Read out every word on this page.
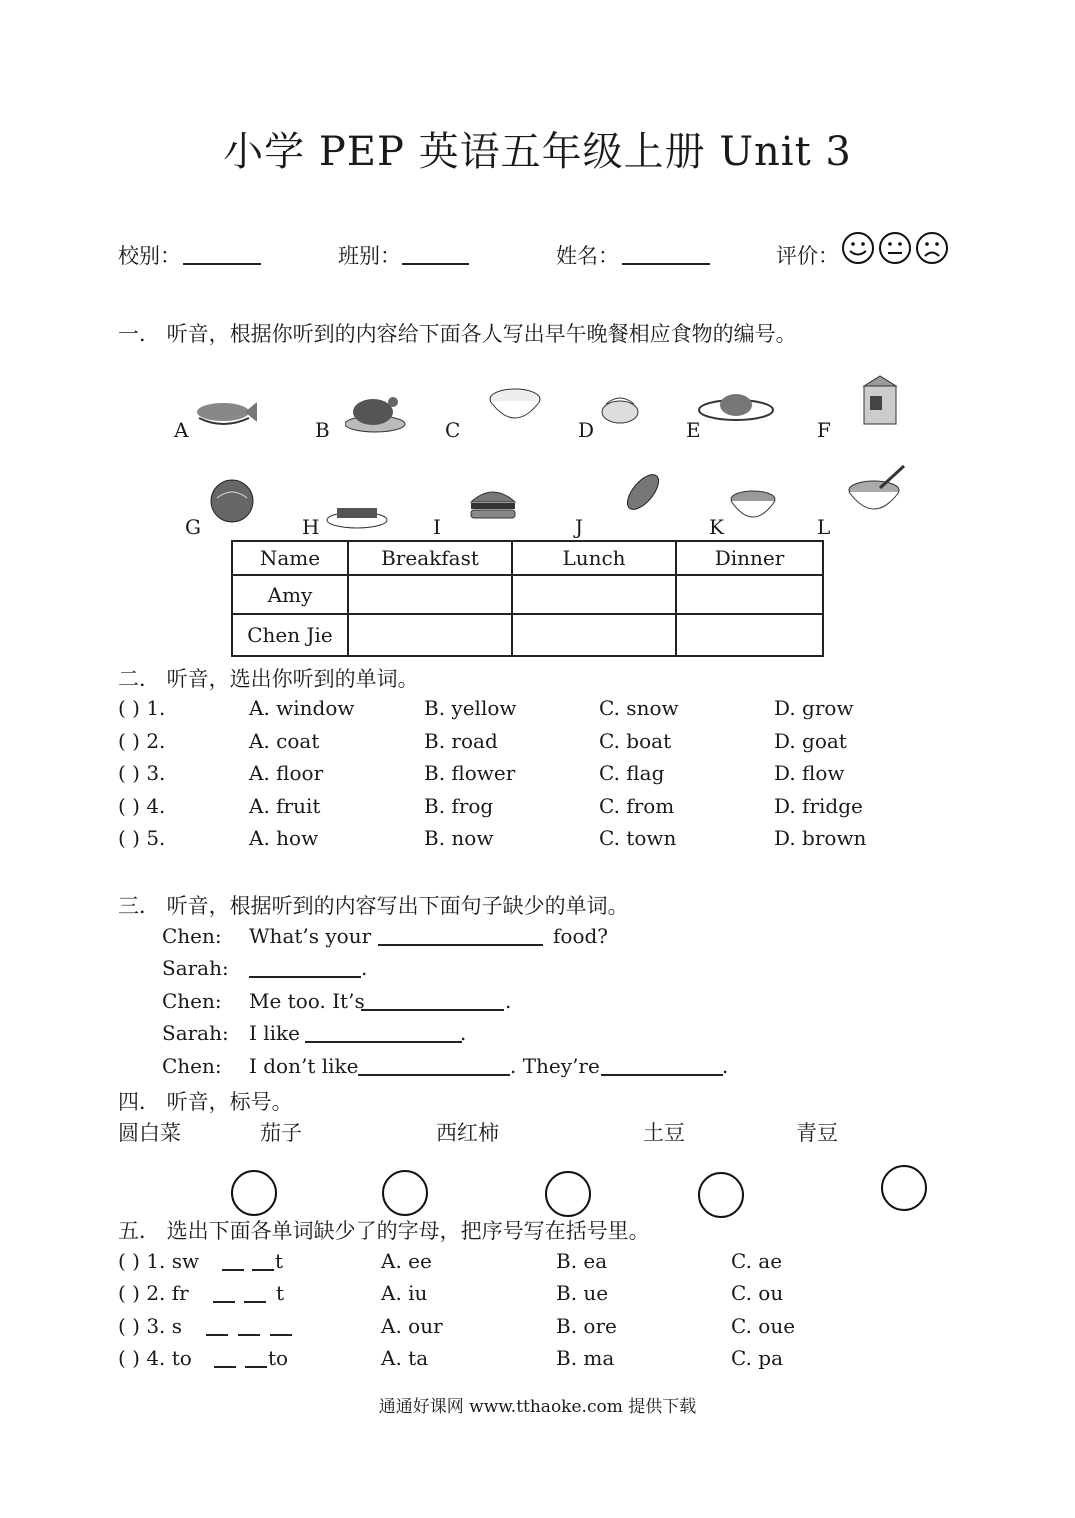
小学 PEP 英语五年级上册 Unit 3
校别：	班别：	姓名：	评价：
一． 听音，根据你听到的内容给下面各人写出早午晚餐相应食物的编号。
A	B	C	D	E	F
G	H	I	J	K	L
Name	Breakfast	Lunch	Dinner
Amy			
Chen Jie			
二． 听音，选出你听到的单词。
( ) 1.	A. window	B. yellow	C. snow	D. grow
( ) 2.	A. coat	B. road	C. boat	D. goat
( ) 3.	A. floor	B. flower	C. flag	D. flow
( ) 4.	A. fruit	B. frog	C. from	D. fridge
( ) 5.	A. how	B. now	C. town	D. brown
三． 听音，根据听到的内容写出下面句子缺少的单词。
Chen: What’s your	food?
Sarah:	.
Chen: Me too. It’s	.
Sarah: I like	.
Chen: I don’t like	. They’re	.
四． 听音，标号。
圆白菜	茄子	西红柿	土豆	青豆
五． 选出下面各单词缺少了的字母，把序号写在括号里。
( ) 1. sw	t	A. ee	B. ea	C. ae
( ) 2. fr	t	A. iu	B. ue	C. ou
( ) 3. s	A. our	B. ore	C. oue
( ) 4. to	to	A. ta	B. ma	C. pa
通通好课网 www.tthaoke.com 提供下载
